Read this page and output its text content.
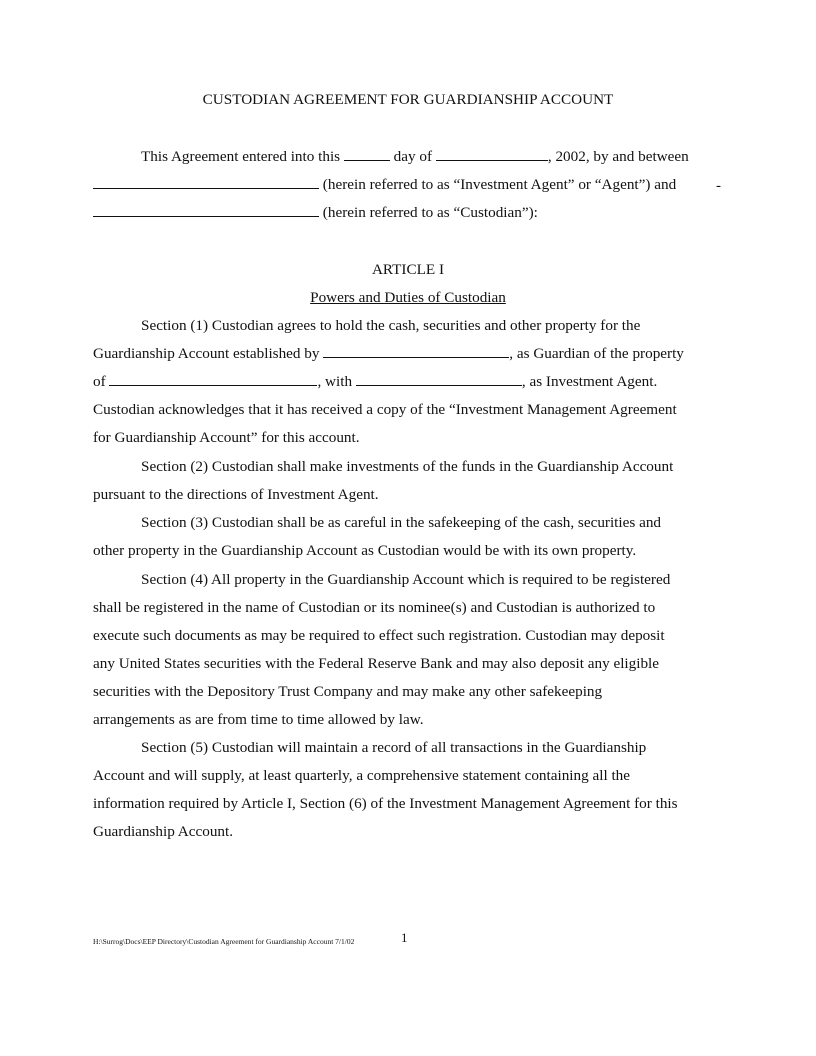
CUSTODIAN AGREEMENT FOR GUARDIANSHIP ACCOUNT
This Agreement entered into this	day of	, 2002, by and between
(herein referred to as “Investment Agent” or “Agent”) and	-
(herein referred to as “Custodian”):
ARTICLE I
Powers and Duties of Custodian
Section (1) Custodian agrees to hold the cash, securities and other property for the
Guardianship Account established by	, as Guardian of the property
of	, with	, as Investment Agent.
Custodian acknowledges that it has received a copy of the “Investment Management Agreement
for Guardianship Account” for this account.
Section (2) Custodian shall make investments of the funds in the Guardianship Account
pursuant to the directions of Investment Agent.
Section (3) Custodian shall be as careful in the safekeeping of the cash, securities and
other property in the Guardianship Account as Custodian would be with its own property.
Section (4) All property in the Guardianship Account which is required to be registered
shall be registered in the name of Custodian or its nominee(s) and Custodian is authorized to
execute such documents as may be required to effect such registration. Custodian may deposit
any United States securities with the Federal Reserve Bank and may also deposit any eligible
securities with the Depository Trust Company and may make any other safekeeping
arrangements as are from time to time allowed by law.
Section (5) Custodian will maintain a record of all transactions in the Guardianship
Account and will supply, at least quarterly, a comprehensive statement containing all the
information required by Article I, Section (6) of the Investment Management Agreement for this
Guardianship Account.
H:\Surrog\Docs\EEP Directory\Custodian Agreement for Guardianship Account 7/1/02	1
